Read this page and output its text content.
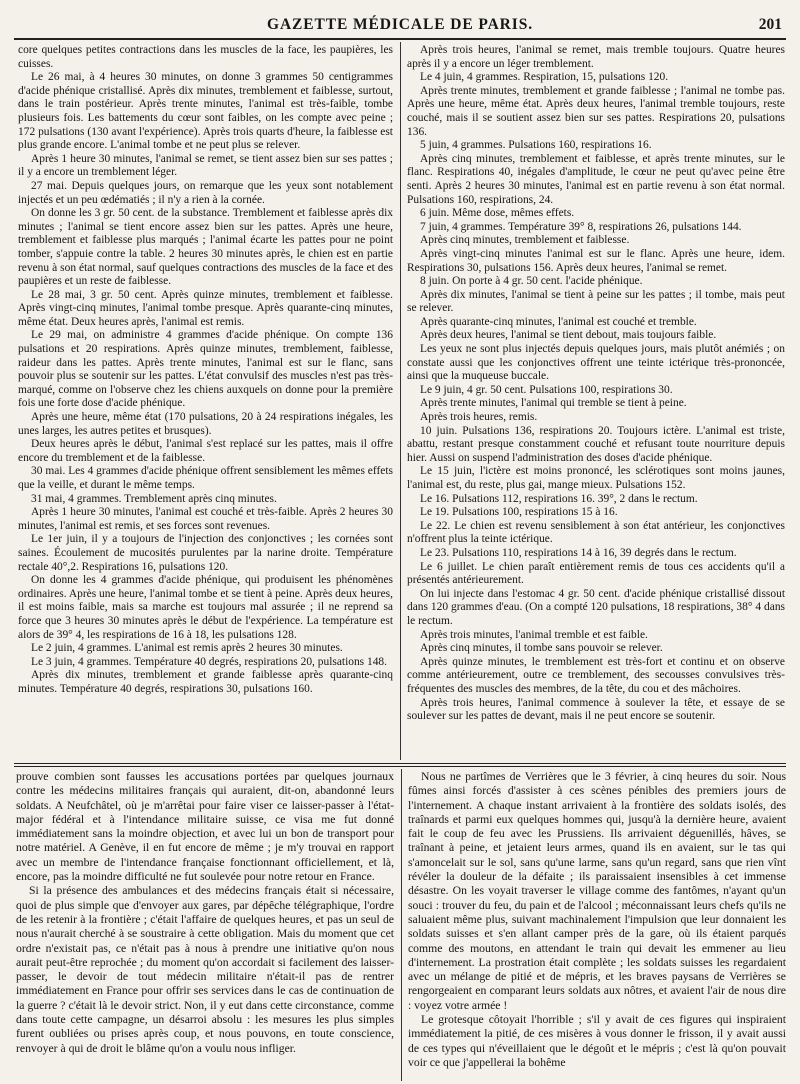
GAZETTE MÉDICALE DE PARIS.	201

core quelques petites contractions dans les muscles de la face, les paupières, les cuisses.

Le 26 mai, à 4 heures 30 minutes, on donne 3 grammes 50 centigrammes d'acide phénique cristallisé. Après dix minutes, tremblement et faiblesse, surtout, dans le train postérieur. Après trente minutes, l'animal est très-faible, tombe plusieurs fois. Les battements du cœur sont faibles, on les compte avec peine ; 172 pulsations (130 avant l'expérience). Après trois quarts d'heure, la faiblesse est plus grande encore. L'animal tombe et ne peut plus se relever.

Après 1 heure 30 minutes, l'animal se remet, se tient assez bien sur ses pattes ; il y a encore un tremblement léger.

27 mai. Depuis quelques jours, on remarque que les yeux sont notablement injectés et un peu œdématiés ; il n'y a rien à la cornée.

On donne les 3 gr. 50 cent. de la substance. Tremblement et faiblesse après dix minutes ; l'animal se tient encore assez bien sur les pattes. Après une heure, tremblement et faiblesse plus marqués ; l'animal écarte les pattes pour ne point tomber, s'appuie contre la table. 2 heures 30 minutes après, le chien est en partie revenu à son état normal, sauf quelques contractions des muscles de la face et des paupières et un reste de faiblesse.

Le 28 mai, 3 gr. 50 cent. Après quinze minutes, tremblement et faiblesse. Après vingt-cinq minutes, l'animal tombe presque. Après quarante-cinq minutes, même état. Deux heures après, l'animal est remis.

Le 29 mai, on administre 4 grammes d'acide phénique. On compte 136 pulsations et 20 respirations. Après quinze minutes, tremblement, faiblesse, raideur dans les pattes. Après trente minutes, l'animal est sur le flanc, sans pouvoir plus se soutenir sur les pattes. L'état convulsif des muscles n'est pas très-marqué, comme on l'observe chez les chiens auxquels on donne pour la première fois une forte dose d'acide phénique.

Après une heure, même état (170 pulsations, 20 à 24 respirations inégales, les unes larges, les autres petites et brusques).

Deux heures après le début, l'animal s'est replacé sur les pattes, mais il offre encore du tremblement et de la faiblesse.

30 mai. Les 4 grammes d'acide phénique offrent sensiblement les mêmes effets que la veille, et durant le même temps.

31 mai, 4 grammes. Tremblement après cinq minutes.

Après 1 heure 30 minutes, l'animal est couché et très-faible. Après 2 heures 30 minutes, l'animal est remis, et ses forces sont revenues.

Le 1er juin, il y a toujours de l'injection des conjonctives ; les cornées sont saines. Écoulement de mucosités purulentes par la narine droite. Température rectale 40°,2. Respirations 16, pulsations 120.

On donne les 4 grammes d'acide phénique, qui produisent les phénomènes ordinaires. Après une heure, l'animal tombe et se tient à peine. Après deux heures, il est moins faible, mais sa marche est toujours mal assurée ; il ne reprend sa force que 3 heures 30 minutes après le début de l'expérience. La température est alors de 39° 4, les respirations de 16 à 18, les pulsations 128.

Le 2 juin, 4 grammes. L'animal est remis après 2 heures 30 minutes.

Le 3 juin, 4 grammes. Température 40 degrés, respirations 20, pulsations 148.

Après dix minutes, tremblement et grande faiblesse après quarante-cinq minutes. Température 40 degrés, respirations 30, pulsations 160.

Après trois heures, l'animal se remet, mais tremble toujours. Quatre heures après il y a encore un léger tremblement.

Le 4 juin, 4 grammes. Respiration, 15, pulsations 120.

Après trente minutes, tremblement et grande faiblesse ; l'animal ne tombe pas. Après une heure, même état. Après deux heures, l'animal tremble toujours, reste couché, mais il se soutient assez bien sur ses pattes. Respirations 20, pulsations 136.

5 juin, 4 grammes. Pulsations 160, respirations 16.

Après cinq minutes, tremblement et faiblesse, et après trente minutes, sur le flanc. Respirations 40, inégales d'amplitude, le cœur ne peut qu'avec peine être senti. Après 2 heures 30 minutes, l'animal est en partie revenu à son état normal. Pulsations 160, respirations, 24.

6 juin. Même dose, mêmes effets.

7 juin, 4 grammes. Température 39° 8, respirations 26, pulsations 144.

Après cinq minutes, tremblement et faiblesse.

Après vingt-cinq minutes l'animal est sur le flanc. Après une heure, idem. Respirations 30, pulsations 156. Après deux heures, l'animal se remet.

8 juin. On porte à 4 gr. 50 cent. l'acide phénique.

Après dix minutes, l'animal se tient à peine sur les pattes ; il tombe, mais peut se relever.

Après quarante-cinq minutes, l'animal est couché et tremble.

Après deux heures, l'animal se tient debout, mais toujours faible.

Les yeux ne sont plus injectés depuis quelques jours, mais plutôt anémiés ; on constate aussi que les conjonctives offrent une teinte ictérique très-prononcée, ainsi que la muqueuse buccale.

Le 9 juin, 4 gr. 50 cent. Pulsations 100, respirations 30.

Après trente minutes, l'animal qui tremble se tient à peine.

Après trois heures, remis.

10 juin. Pulsations 136, respirations 20. Toujours ictère. L'animal est triste, abattu, restant presque constamment couché et refusant toute nourriture depuis hier. Aussi on suspend l'administration des doses d'acide phénique.

Le 15 juin, l'ictère est moins prononcé, les sclérotiques sont moins jaunes, l'animal est, du reste, plus gai, mange mieux. Pulsations 152.

Le 16. Pulsations 112, respirations 16. 39°, 2 dans le rectum.

Le 19. Pulsations 100, respirations 15 à 16.

Le 22. Le chien est revenu sensiblement à son état antérieur, les conjonctives n'offrent plus la teinte ictérique.

Le 23. Pulsations 110, respirations 14 à 16, 39 degrés dans le rectum.

Le 6 juillet. Le chien paraît entièrement remis de tous ces accidents qu'il a présentés antérieurement.

On lui injecte dans l'estomac 4 gr. 50 cent. d'acide phénique cristallisé dissout dans 120 grammes d'eau. (On a compté 120 pulsations, 18 respirations, 38° 4 dans le rectum.

Après trois minutes, l'animal tremble et est faible.

Après cinq minutes, il tombe sans pouvoir se relever.

Après quinze minutes, le tremblement est très-fort et continu et on observe comme antérieurement, outre ce tremblement, des secousses convulsives très-fréquentes des muscles des membres, de la tête, du cou et des mâchoires.

Après trois heures, l'animal commence à soulever la tête, et essaye de se soulever sur les pattes de devant, mais il ne peut encore se soutenir.

prouve combien sont fausses les accusations portées par quelques journaux contre les médecins militaires français qui auraient, dit-on, abandonné leurs soldats. A Neufchâtel, où je m'arrêtai pour faire viser ce laisser-passer à l'état-major fédéral et à l'intendance militaire suisse, ce visa me fut donné immédiatement sans la moindre objection, et avec lui un bon de transport pour notre matériel. A Genève, il en fut encore de même ; je m'y trouvai en rapport avec un membre de l'intendance française fonctionnant officiellement, et là, encore, pas la moindre difficulté ne fut soulevée pour notre retour en France.

Si la présence des ambulances et des médecins français était si nécessaire, quoi de plus simple que d'envoyer aux gares, par dépêche télégraphique, l'ordre de les retenir à la frontière ; c'était l'affaire de quelques heures, et pas un seul de nous n'aurait cherché à se soustraire à cette obligation. Mais du moment que cet ordre n'existait pas, ce n'était pas à nous à prendre une initiative qu'on nous aurait peut-être reprochée ; du moment qu'on accordait si facilement des laisser-passer, le devoir de tout médecin militaire n'était-il pas de rentrer immédiatement en France pour offrir ses services dans le cas de continuation de la guerre ? c'était là le devoir strict. Non, il y eut dans cette circonstance, comme dans toute cette campagne, un désarroi absolu : les mesures les plus simples furent oubliées ou prises après coup, et nous pouvons, en toute conscience, renvoyer à qui de droit le blâme qu'on a voulu nous infliger.

Nous ne partîmes de Verrières que le 3 février, à cinq heures du soir. Nous fûmes ainsi forcés d'assister à ces scènes pénibles des premiers jours de l'internement. A chaque instant arrivaient à la frontière des soldats isolés, des traînards et parmi eux quelques hommes qui, jusqu'à la dernière heure, avaient fait le coup de feu avec les Prussiens. Ils arrivaient déguenillés, hâves, se traînant à peine, et jetaient leurs armes, quand ils en avaient, sur le tas qui s'amoncelait sur le sol, sans qu'une larme, sans qu'un regard, sans que rien vînt révéler la douleur de la défaite ; ils paraissaient insensibles à cet immense désastre. On les voyait traverser le village comme des fantômes, n'ayant qu'un souci : trouver du feu, du pain et de l'alcool ; méconnaissant leurs chefs qu'ils ne saluaient même plus, suivant machinalement l'impulsion que leur donnaient les soldats suisses et s'en allant camper près de la gare, où ils étaient parqués comme des moutons, en attendant le train qui devait les emmener au lieu d'internement. La prostration était complète ; les soldats suisses les regardaient avec un mélange de pitié et de mépris, et les braves paysans de Verrières se rengorgeaient en comparant leurs soldats aux nôtres, et avaient l'air de nous dire : voyez votre armée !

Le grotesque côtoyait l'horrible ; s'il y avait de ces figures qui inspiraient immédiatement la pitié, de ces misères à vous donner le frisson, il y avait aussi de ces types qui n'éveillaient que le dégoût et le mépris ; c'est là qu'on pouvait voir ce que j'appellerai la bohême
